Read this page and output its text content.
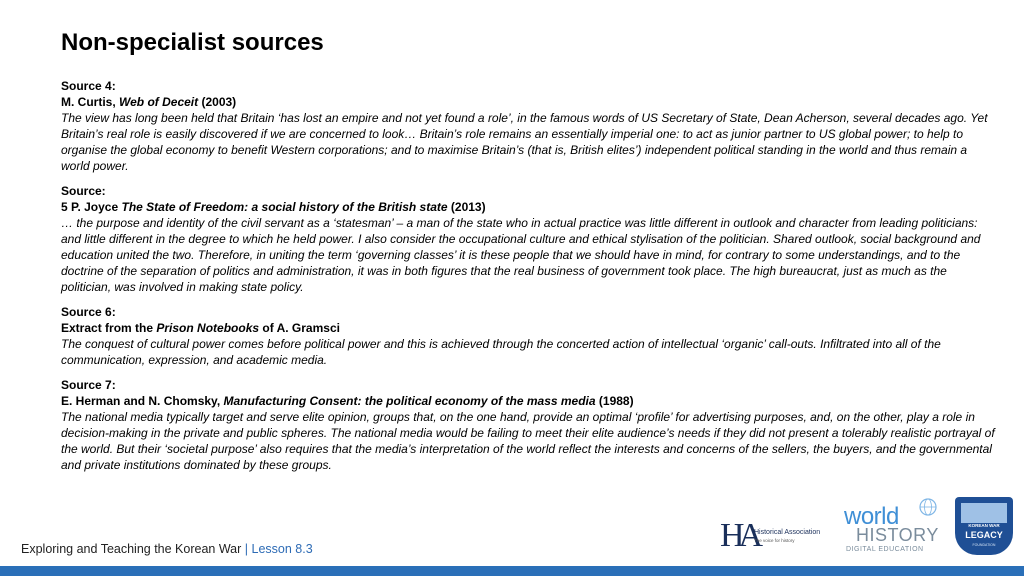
Non-specialist sources
Source 4:
M. Curtis, Web of Deceit (2003)
The view has long been held that Britain ‘has lost an empire and not yet found a role’, in the famous words of US Secretary of State, Dean Acherson, several decades ago. Yet Britain’s real role is easily discovered if we are concerned to look… Britain’s role remains an essentially imperial one: to act as junior partner to US global power; to help to organise the global economy to benefit Western corporations; and to maximise Britain’s (that is, British elites’) independent political standing in the world and thus remain a world power.
Source:
5 P. Joyce The State of Freedom: a social history of the British state (2013)
… the purpose and identity of the civil servant as a ‘statesman’ – a man of the state who in actual practice was little different in outlook and character from leading politicians: and little different in the degree to which he held power. I also consider the occupational culture and ethical stylisation of the politician. Shared outlook, social background and education united the two. Therefore, in uniting the term ‘governing classes’ it is these people that we should have in mind, for contrary to some understandings, and to the doctrine of the separation of politics and administration, it was in both figures that the real business of government took place. The high bureaucrat, just as much as the politician, was involved in making state policy.
Source 6:
Extract from the Prison Notebooks of A. Gramsci
The conquest of cultural power comes before political power and this is achieved through the concerted action of intellectual ‘organic’ call-outs. Infiltrated into all of the communication, expression, and academic media.
Source 7:
E. Herman and N. Chomsky, Manufacturing Consent: the political economy of the mass media (1988)
The national media typically target and serve elite opinion, groups that, on the one hand, provide an optimal ‘profile’ for advertising purposes, and, on the other, play a role in decision-making in the private and public spheres. The national media would be failing to meet their elite audience’s needs if they did not present a tolerably realistic portrayal of the world. But their ‘societal purpose’ also requires that the media’s interpretation of the world reflect the interests and concerns of the sellers, the buyers, and the governmental and private institutions dominated by these groups.
Exploring and Teaching the Korean War | Lesson 8.3	HA
Historical Association
The voice for history
world
HISTORY
DIGITAL EDUCATION
KOREAN WAR
LEGACY
FOUNDATION
